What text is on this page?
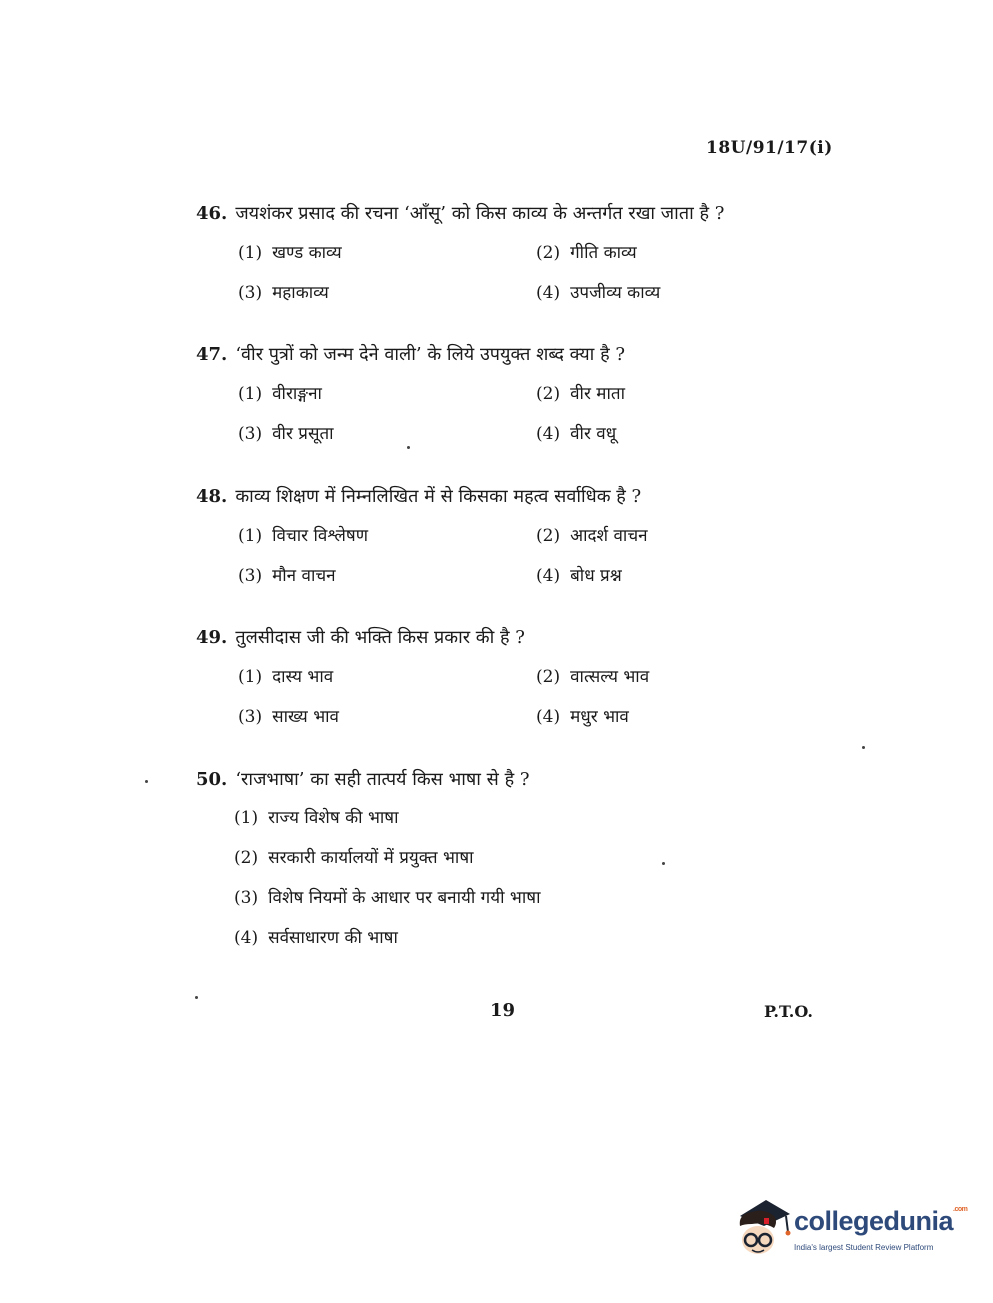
18U/91/17(i)
46. जयशंकर प्रसाद की रचना ‘आँसू’ को किस काव्य के अन्तर्गत रखा जाता है ?
(1) खण्ड काव्य	(2) गीति काव्य
(3) महाकाव्य	(4) उपजीव्य काव्य
47. ‘वीर पुत्रों को जन्म देने वाली’ के लिये उपयुक्त शब्द क्या है ?
(1) वीराङ्गना	(2) वीर माता
(3) वीर प्रसूता	(4) वीर वधू
48. काव्य शिक्षण में निम्नलिखित में से किसका महत्व सर्वाधिक है ?
(1) विचार विश्लेषण	(2) आदर्श वाचन
(3) मौन वाचन	(4) बोध प्रश्न
49. तुलसीदास जी की भक्ति किस प्रकार की है ?
(1) दास्य भाव	(2) वात्सल्य भाव
(3) साख्य भाव	(4) मधुर भाव
50. ‘राजभाषा’ का सही तात्पर्य किस भाषा से है ?
(1) राज्य विशेष की भाषा
(2) सरकारी कार्यालयों में प्रयुक्त भाषा
(3) विशेष नियमों के आधार पर बनायी गयी भाषा
(4) सर्वसाधारण की भाषा
19	P.T.O.
collegedunia$^{.com}$
India's largest Student Review Platform
